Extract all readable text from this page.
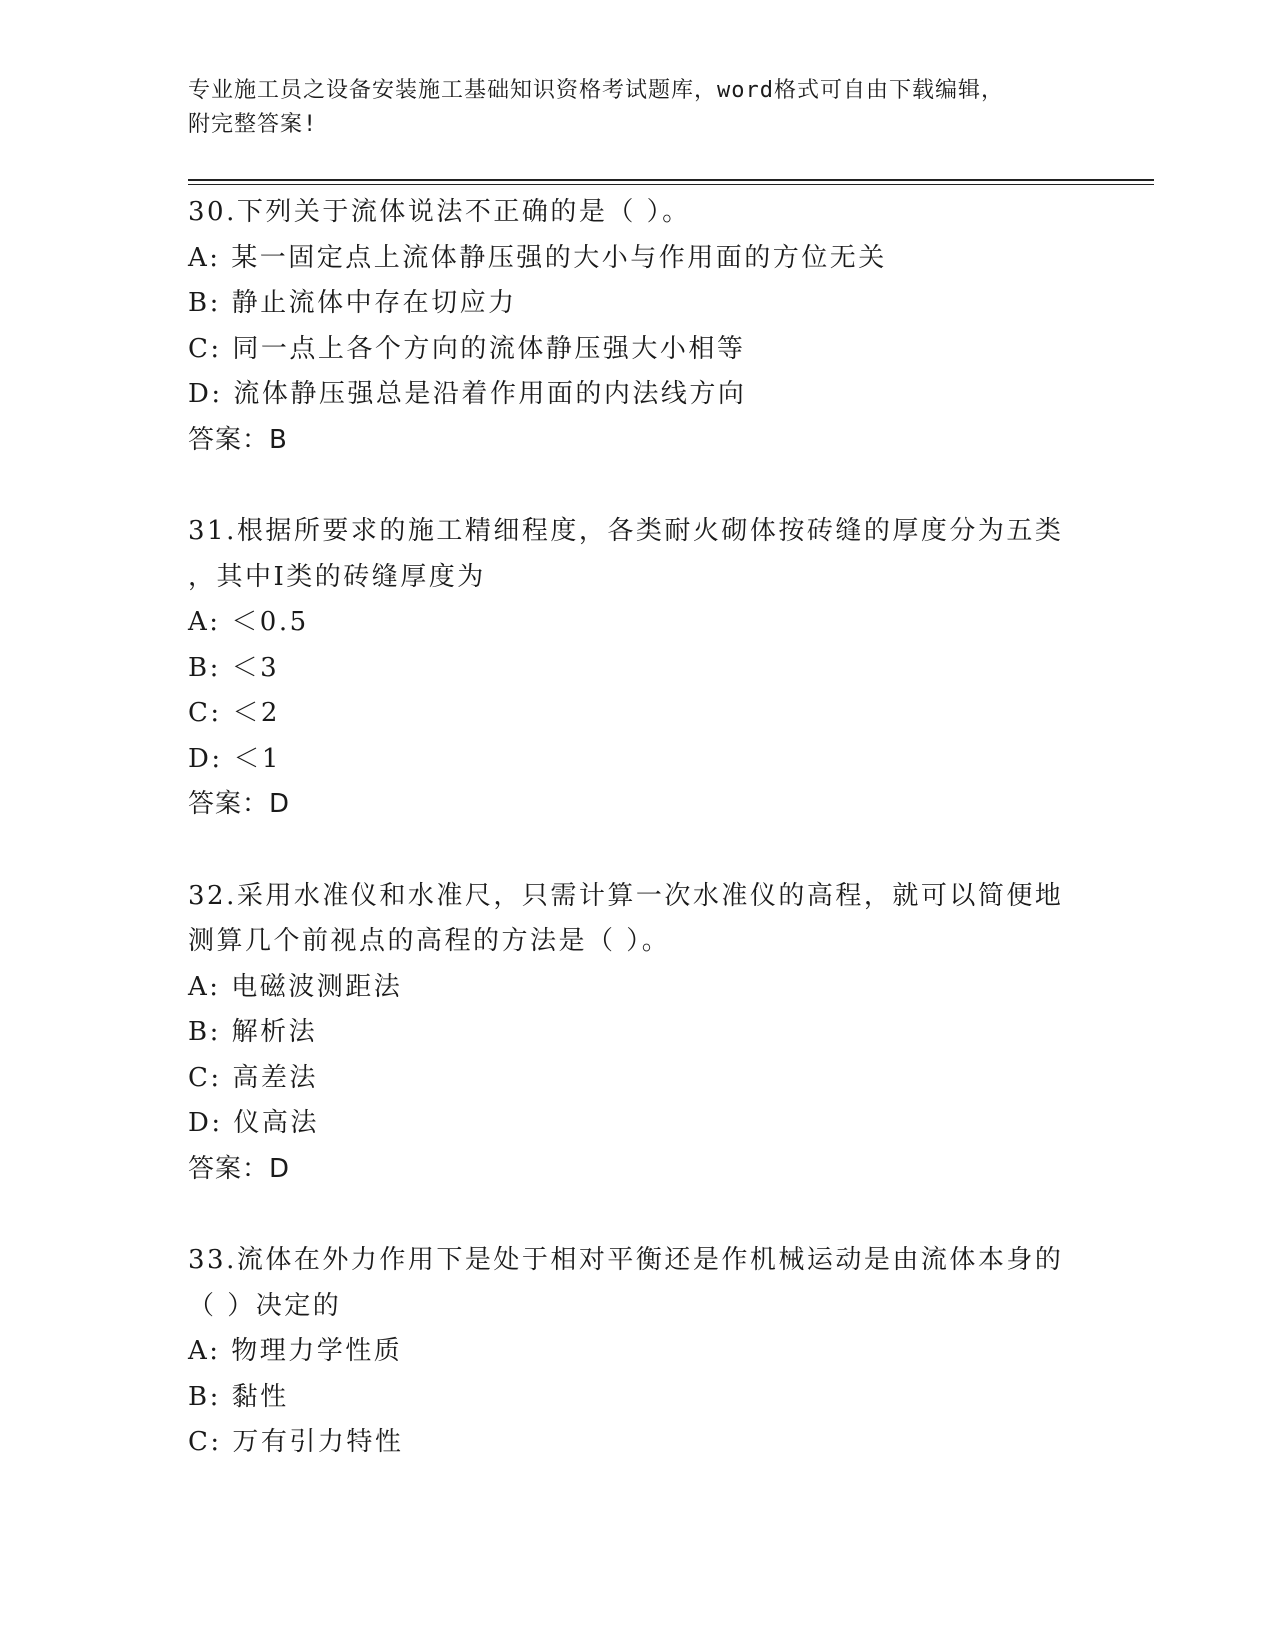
专业施工员之设备安装施工基础知识资格考试题库，word格式可自由下载编辑，
附完整答案!
30.下列关于流体说法不正确的是（ ）。
A: 某一固定点上流体静压强的大小与作用面的方位无关
B: 静止流体中存在切应力
C: 同一点上各个方向的流体静压强大小相等
D: 流体静压强总是沿着作用面的内法线方向
答案：B
31.根据所要求的施工精细程度，各类耐火砌体按砖缝的厚度分为五类
，其中Ⅰ类的砖缝厚度为
A: ＜0.5
B: ＜3
C: ＜2
D: ＜1
答案：D
32.采用水准仪和水准尺，只需计算一次水准仪的高程，就可以简便地
测算几个前视点的高程的方法是（ ）。
A: 电磁波测距法
B: 解析法
C: 高差法
D: 仪高法
答案：D
33.流体在外力作用下是处于相对平衡还是作机械运动是由流体本身的
（ ）决定的
A: 物理力学性质
B: 黏性
C: 万有引力特性
